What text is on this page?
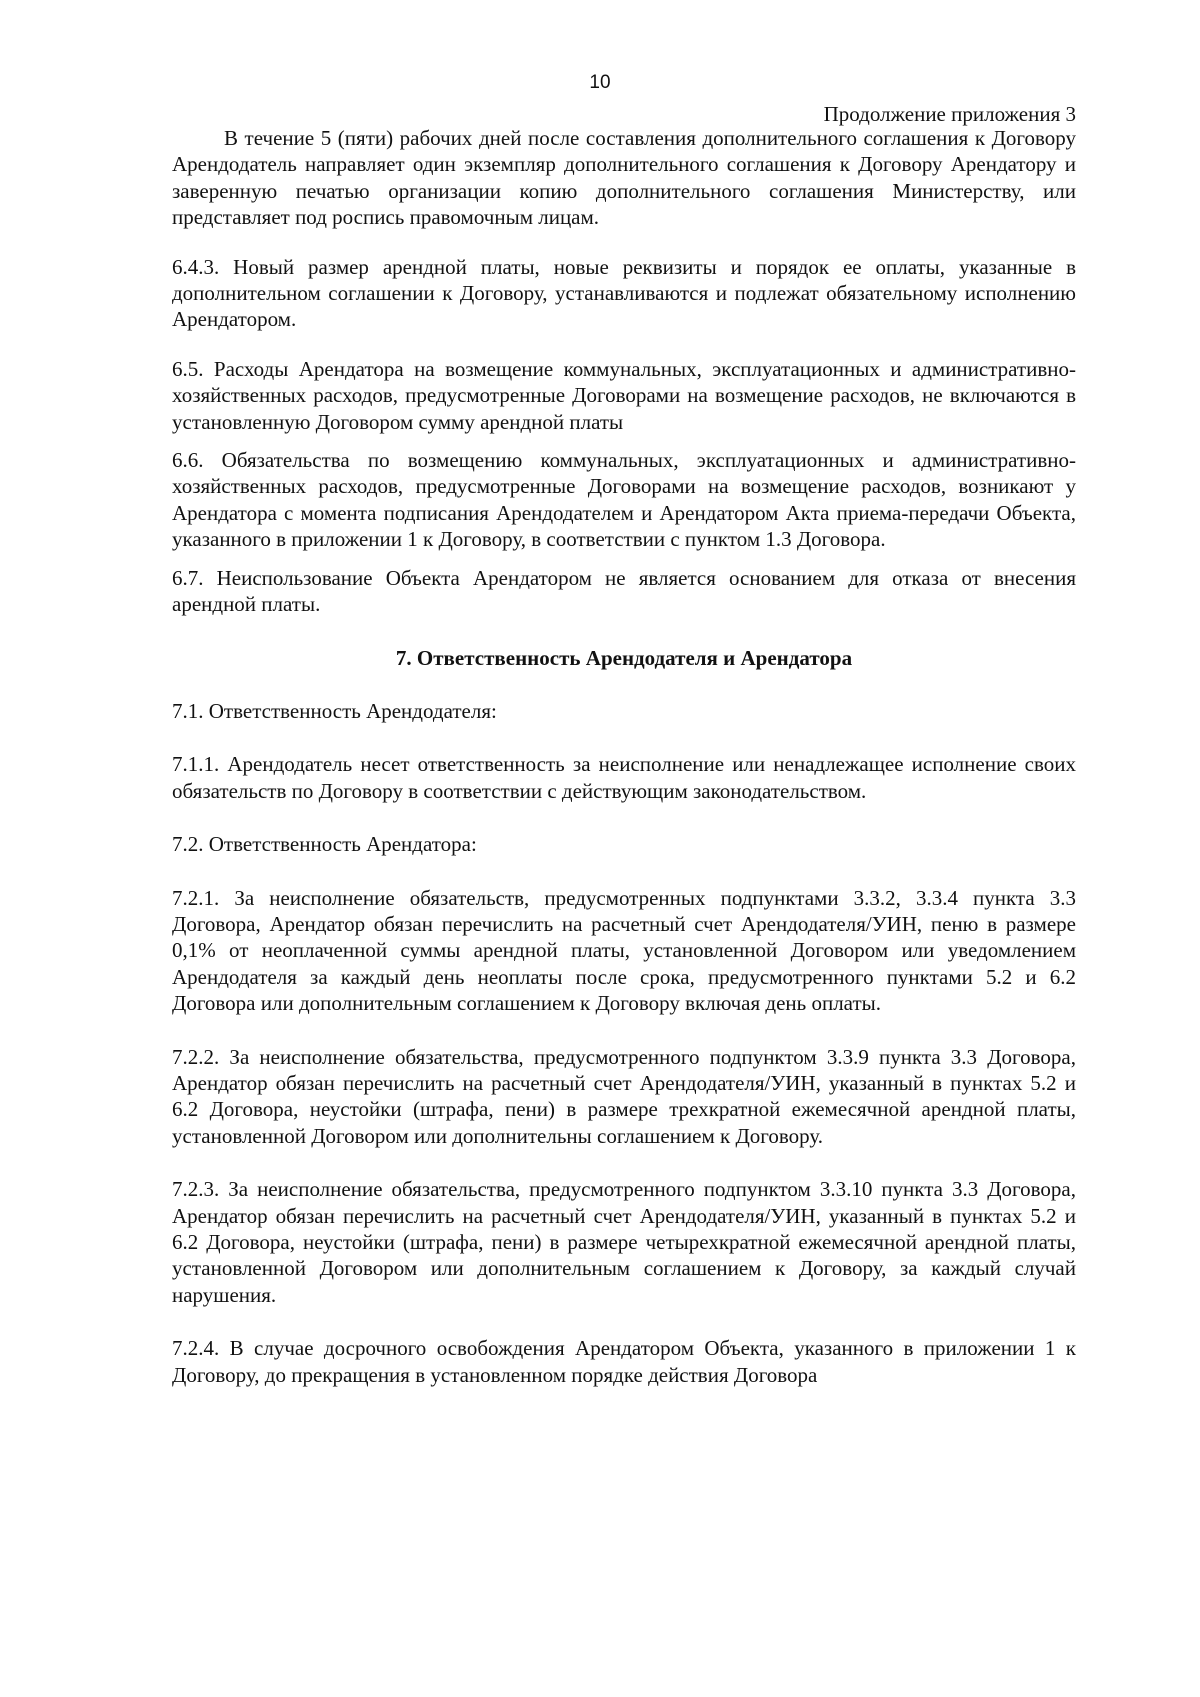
10
Продолжение приложения 3

В течение 5 (пяти) рабочих дней после составления дополнительного соглашения к Договору Арендодатель направляет один экземпляр дополнительного соглашения к Договору Арендатору и заверенную печатью организации копию дополнительного соглашения Министерству, или представляет под роспись правомочным лицам.

6.4.3. Новый размер арендной платы, новые реквизиты и порядок ее оплаты, указанные в дополнительном соглашении к Договору, устанавливаются и подлежат обязательному исполнению Арендатором.

6.5. Расходы Арендатора на возмещение коммунальных, эксплуатационных и административно-хозяйственных расходов, предусмотренные Договорами на возмещение расходов, не включаются в установленную Договором сумму арендной платы

6.6. Обязательства по возмещению коммунальных, эксплуатационных и административно-хозяйственных расходов, предусмотренные Договорами на возмещение расходов, возникают у Арендатора с момента подписания Арендодателем и Арендатором Акта приема-передачи Объекта, указанного в приложении 1 к Договору, в соответствии с пунктом 1.3 Договора.

6.7. Неиспользование Объекта Арендатором не является основанием для отказа от внесения арендной платы.

7. Ответственность Арендодателя и Арендатора

7.1. Ответственность Арендодателя:

7.1.1. Арендодатель несет ответственность за неисполнение или ненадлежащее исполнение своих обязательств по Договору в соответствии с действующим законодательством.

7.2. Ответственность Арендатора:

7.2.1. За неисполнение обязательств, предусмотренных подпунктами 3.3.2, 3.3.4 пункта 3.3 Договора, Арендатор обязан перечислить на расчетный счет Арендодателя/УИН, пеню в размере 0,1% от неоплаченной суммы арендной платы, установленной Договором или уведомлением Арендодателя за каждый день неоплаты после срока, предусмотренного пунктами 5.2 и 6.2 Договора или дополнительным соглашением к Договору включая день оплаты.

7.2.2. За неисполнение обязательства, предусмотренного подпунктом 3.3.9 пункта 3.3 Договора, Арендатор обязан перечислить на расчетный счет Арендодателя/УИН, указанный в пунктах 5.2 и 6.2 Договора, неустойки (штрафа, пени) в размере трехкратной ежемесячной арендной платы, установленной Договором или дополнительны соглашением к Договору.

7.2.3. За неисполнение обязательства, предусмотренного подпунктом 3.3.10 пункта 3.3 Договора, Арендатор обязан перечислить на расчетный счет Арендодателя/УИН, указанный в пунктах 5.2 и 6.2 Договора, неустойки (штрафа, пени) в размере четырехкратной ежемесячной арендной платы, установленной Договором или дополнительным соглашением к Договору, за каждый случай нарушения.

7.2.4. В случае досрочного освобождения Арендатором Объекта, указанного в приложении 1 к Договору, до прекращения в установленном порядке действия Договора
